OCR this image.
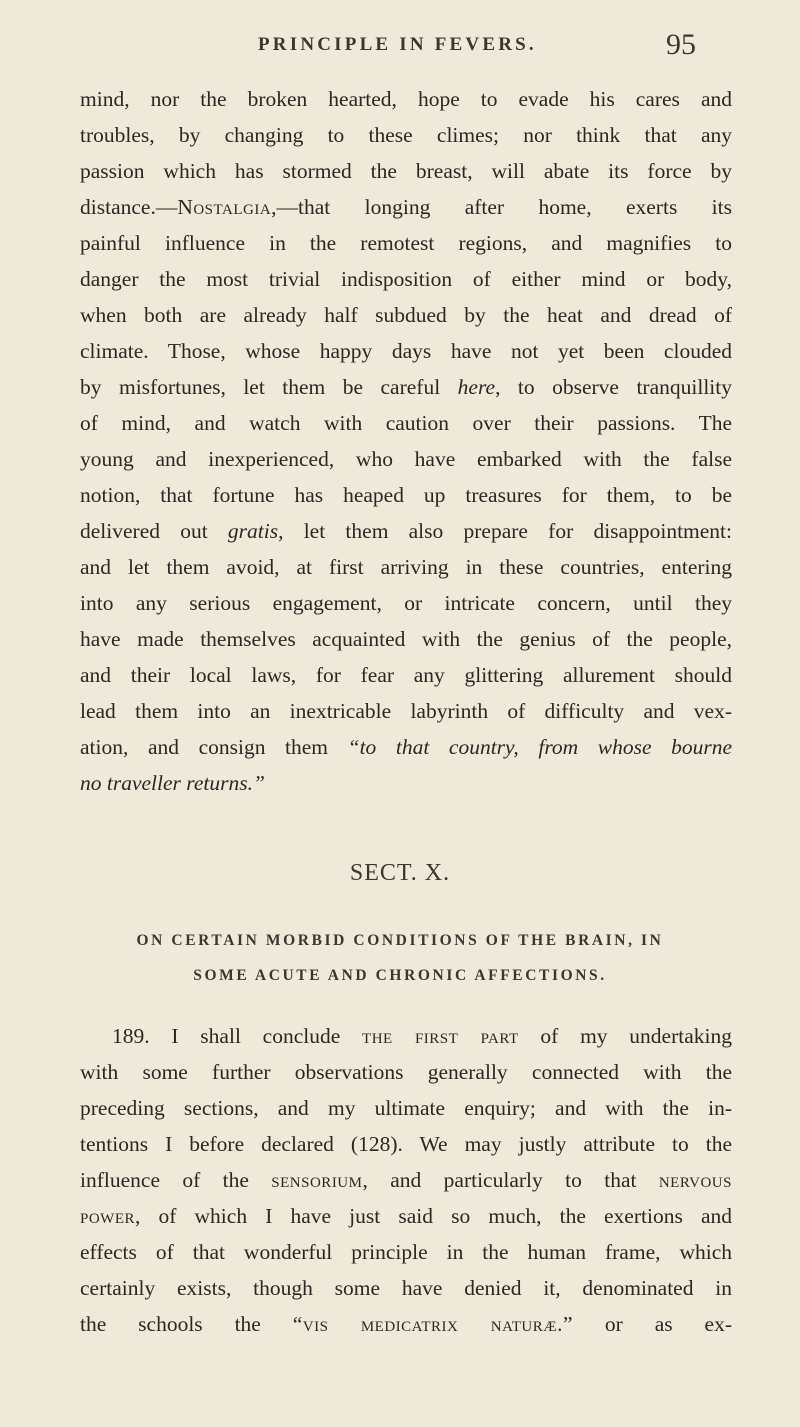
PRINCIPLE IN FEVERS.	95
mind, nor the broken hearted, hope to evade his cares and
troubles, by changing to these climes; nor think that any
passion which has stormed the breast, will abate its force by
distance.—Nostalgia,—that longing after home, exerts its
painful influence in the remotest regions, and magnifies to
danger the most trivial indisposition of either mind or body,
when both are already half subdued by the heat and dread of
climate. Those, whose happy days have not yet been clouded
by misfortunes, let them be careful here, to observe tranquillity
of mind, and watch with caution over their passions. The
young and inexperienced, who have embarked with the false
notion, that fortune has heaped up treasures for them, to be
delivered out gratis, let them also prepare for disappointment:
and let them avoid, at first arriving in these countries, entering
into any serious engagement, or intricate concern, until they
have made themselves acquainted with the genius of the people,
and their local laws, for fear any glittering allurement should
lead them into an inextricable labyrinth of difficulty and vex-
ation, and consign them “to that country, from whose bourne
no traveller returns.”
SECT. X.
ON CERTAIN MORBID CONDITIONS OF THE BRAIN, IN
SOME ACUTE AND CHRONIC AFFECTIONS.
189. I shall conclude the first part of my undertaking
with some further observations generally connected with the
preceding sections, and my ultimate enquiry; and with the in-
tentions I before declared (128). We may justly attribute to the
influence of the sensorium, and particularly to that nervous
power, of which I have just said so much, the exertions and
effects of that wonderful principle in the human frame, which
certainly exists, though some have denied it, denominated in
the schools the “vis medicatrix naturæ.” or as ex-
